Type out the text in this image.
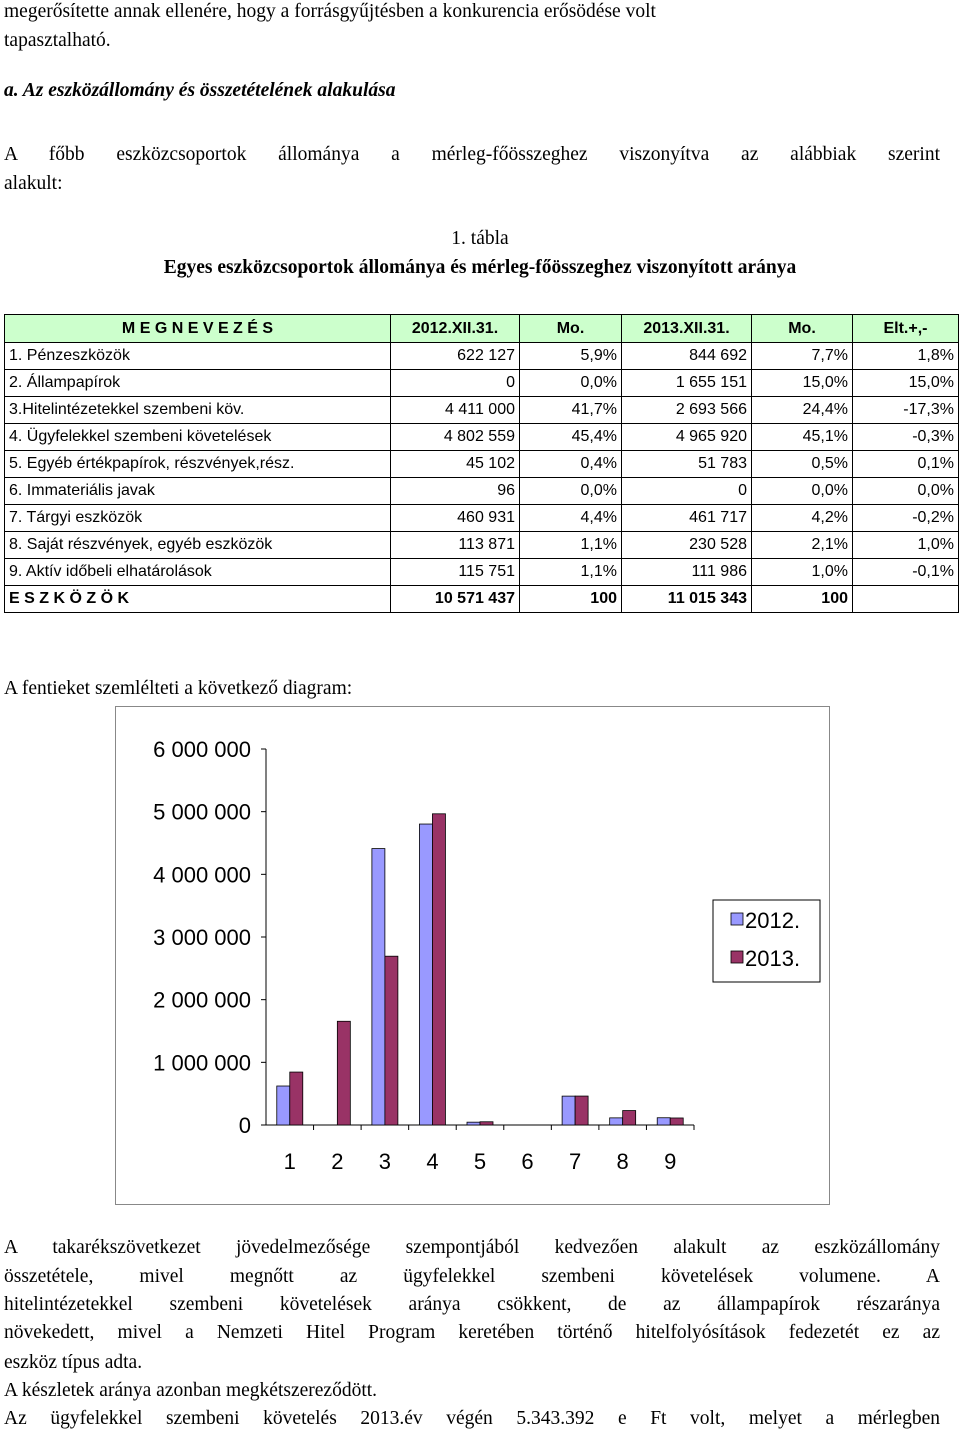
megerősítette annak ellenére, hogy a forrásgyűjtésben a konkurencia erősödése volt
tapasztalható.
a. Az eszközállomány és összetételének alakulása
A főbb eszközcsoportok állománya a mérleg-főösszeghez viszonyítva az alábbiak szerint
alakult:
1. tábla
Egyes eszközcsoportok állománya és mérleg-főösszeghez viszonyított aránya
M E G N E V E Z É S	2012.XII.31.	Mo.	2013.XII.31.	Mo.	Elt.+,-
1. Pénzeszközök	622 127	5,9%	844 692	7,7%	1,8%
2. Állampapírok	0	0,0%	1 655 151	15,0%	15,0%
3.Hitelintézetekkel szembeni köv.	4 411 000	41,7%	2 693 566	24,4%	-17,3%
4. Ügyfelekkel szembeni követelések	4 802 559	45,4%	4 965 920	45,1%	-0,3%
5. Egyéb értékpapírok, részvények,rész.	45 102	0,4%	51 783	0,5%	0,1%
6. Immateriális javak	96	0,0%	0	0,0%	0,0%
7. Tárgyi eszközök	460 931	4,4%	461 717	4,2%	-0,2%
8. Saját részvények, egyéb eszközök	113 871	1,1%	230 528	2,1%	1,0%
9. Aktív időbeli elhatárolások	115 751	1,1%	111 986	1,0%	-0,1%
E S Z K Ö Z Ö K	10 571 437	100	11 015 343	100	
A fentieket szemlélteti a következő diagram:
0
1 000 000
2 000 000
3 000 000
4 000 000
5 000 000
6 000 000
1 2 3 4 5 6 7 8 9
2012.
2013.
A takarékszövetkezet jövedelmezősége szempontjából kedvezően alakult az eszközállomány
összetétele, mivel megnőtt az ügyfelekkel szembeni követelések volumene. A
hitelintézetekkel szembeni követelések aránya csökkent, de az állampapírok részaránya
növekedett, mivel a Nemzeti Hitel Program keretében történő hitelfolyósítások fedezetét ez az
eszköz típus adta.
A készletek aránya azonban megkétszereződött.
Az ügyfelekkel szembeni követelés 2013.év végén 5.343.392 e Ft volt, melyet a mérlegben
